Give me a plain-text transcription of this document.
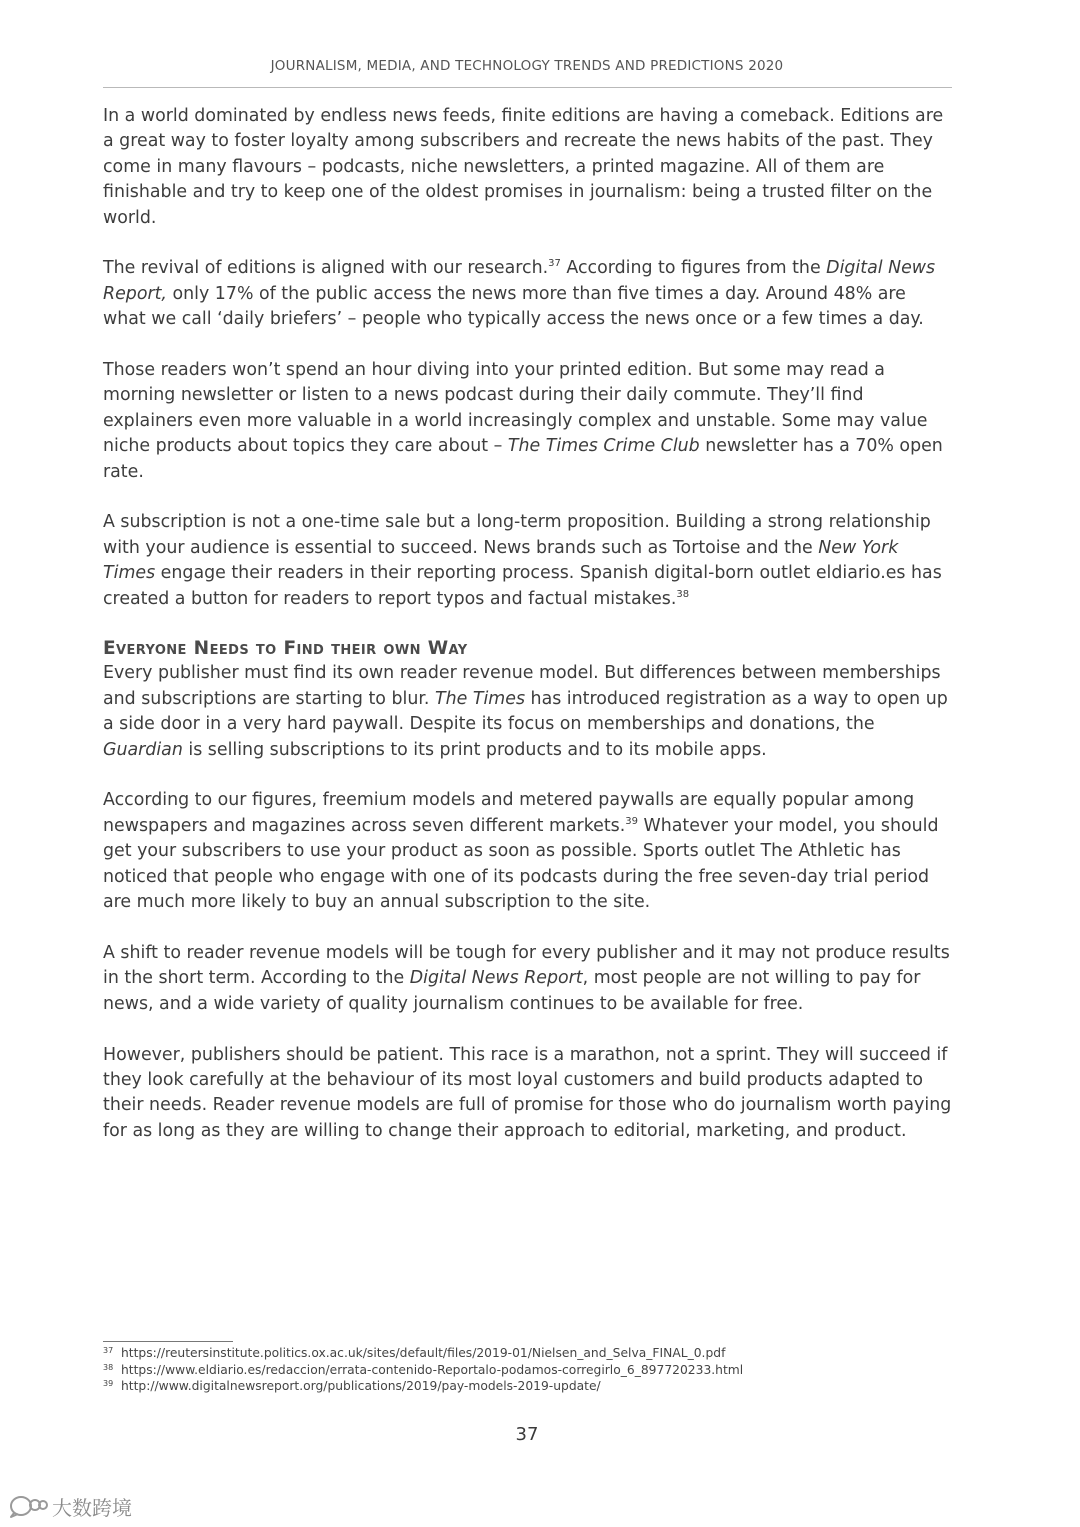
JOURNALISM, MEDIA, AND TECHNOLOGY TRENDS AND PREDICTIONS 2020

In a world dominated by endless news feeds, finite editions are having a comeback. Editions are a great way to foster loyalty among subscribers and recreate the news habits of the past. They come in many flavours – podcasts, niche newsletters, a printed magazine. All of them are finishable and try to keep one of the oldest promises in journalism: being a trusted filter on the world.

The revival of editions is aligned with our research.$^{37}$ According to figures from the Digital News Report, only 17% of the public access the news more than five times a day. Around 48% are what we call ‘daily briefers’ – people who typically access the news once or a few times a day.

Those readers won’t spend an hour diving into your printed edition. But some may read a morning newsletter or listen to a news podcast during their daily commute. They’ll find explainers even more valuable in a world increasingly complex and unstable. Some may value niche products about topics they care about – The Times Crime Club newsletter has a 70% open rate.

A subscription is not a one-time sale but a long-term proposition. Building a strong relationship with your audience is essential to succeed. News brands such as Tortoise and the New York Times engage their readers in their reporting process. Spanish digital-born outlet eldiario.es has created a button for readers to report typos and factual mistakes.$^{38}$

Everyone Needs to Find their own Way

Every publisher must find its own reader revenue model. But differences between memberships and subscriptions are starting to blur. The Times has introduced registration as a way to open up a side door in a very hard paywall. Despite its focus on memberships and donations, the Guardian is selling subscriptions to its print products and to its mobile apps.

According to our figures, freemium models and metered paywalls are equally popular among newspapers and magazines across seven different markets.$^{39}$ Whatever your model, you should get your subscribers to use your product as soon as possible. Sports outlet The Athletic has noticed that people who engage with one of its podcasts during the free seven-day trial period are much more likely to buy an annual subscription to the site.

A shift to reader revenue models will be tough for every publisher and it may not produce results in the short term. According to the Digital News Report, most people are not willing to pay for news, and a wide variety of quality journalism continues to be available for free.

However, publishers should be patient. This race is a marathon, not a sprint. They will succeed if they look carefully at the behaviour of its most loyal customers and build products adapted to their needs. Reader revenue models are full of promise for those who do journalism worth paying for as long as they are willing to change their approach to editorial, marketing, and product.

37 https://reutersinstitute.politics.ox.ac.uk/sites/default/files/2019-01/Nielsen_and_Selva_FINAL_0.pdf
38 https://www.eldiario.es/redaccion/errata-contenido-Reportalo-podamos-corregirlo_6_897720233.html
39 http://www.digitalnewsreport.org/publications/2019/pay-models-2019-update/
37
大数跨境
